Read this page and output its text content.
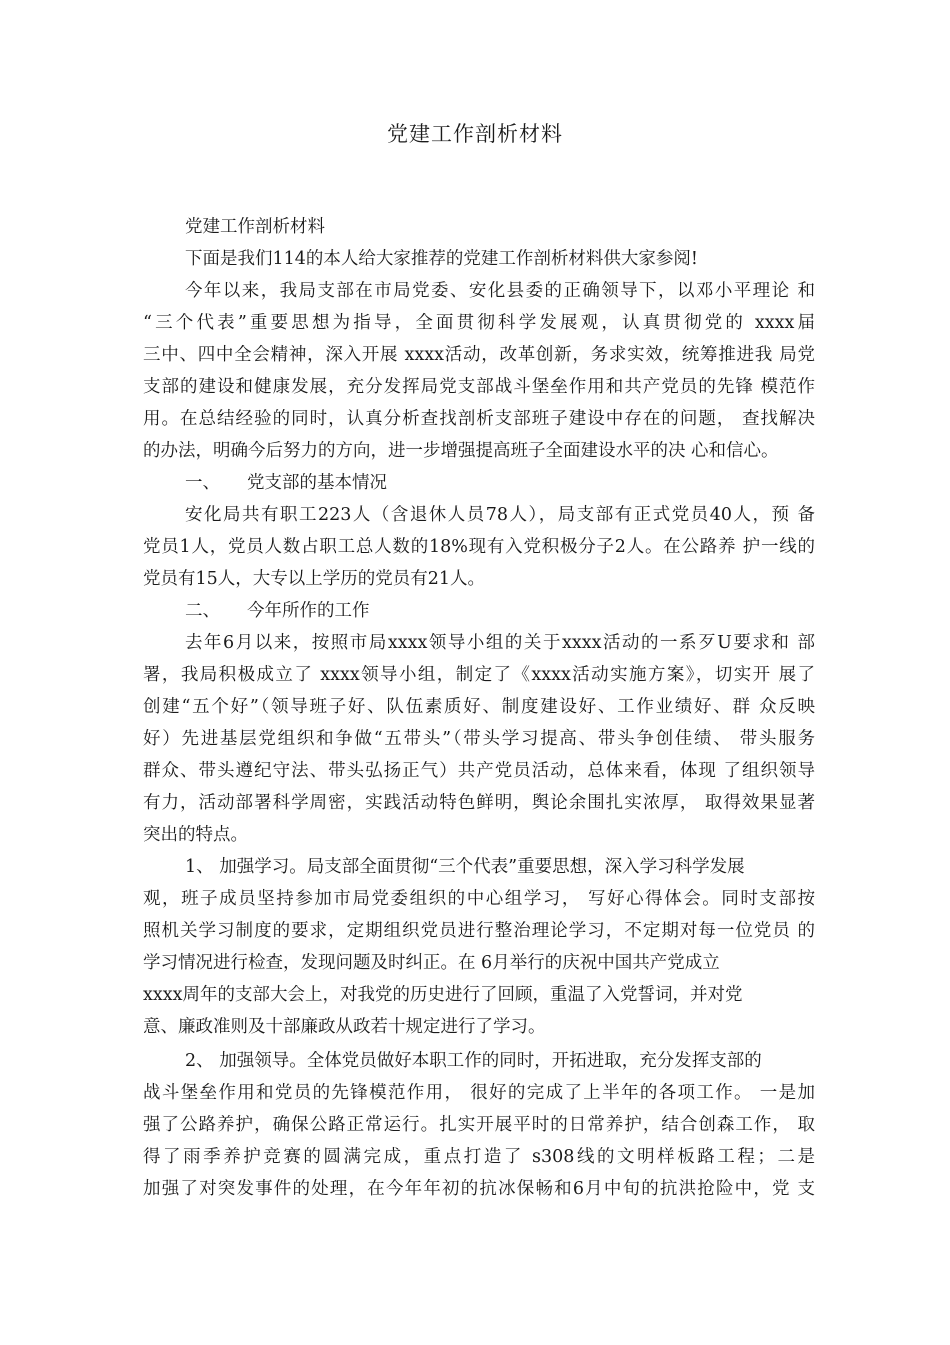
党建工作剖析材料
党建工作剖析材料
下面是我们114的本人给大家推荐的党建工作剖析材料供大家参阅!
今年以来，我局支部在市局党委、安化县委的正确领导下，以邓小平理论 和
“三个代表”重要思想为指导，全面贯彻科学发展观，认真贯彻党的 xxxx届
三中、四中全会精神，深入开展 xxxx活动，改革创新，务求实效，统筹推进我 局党
支部的建设和健康发展，充分发挥局党支部战斗堡垒作用和共产党员的先锋 模范作
用。在总结经验的同时，认真分析查找剖析支部班子建设中存在的问题， 查找解决
的办法，明确今后努力的方向，进一步增强提高班子全面建设水平的决 心和信心。
一、 党支部的基本情况
安化局共有职工223人（含退休人员78人），局支部有正式党员40人，预 备
党员1人，党员人数占职工总人数的18%现有入党积极分子2人。在公路养 护一线的
党员有15人，大专以上学历的党员有21人。
二、 今年所作的工作
去年6月以来，按照市局xxxx领导小组的关于xxxx活动的一系歹U要求和 部
署，我局积极成立了 xxxx领导小组，制定了《xxxx活动实施方案》，切实开 展了
创建“五个好”（领导班子好、队伍素质好、制度建设好、工作业绩好、群 众反映
好）先进基层党组织和争做“五带头”（带头学习提高、带头争创佳绩、 带头服务
群众、带头遵纪守法、带头弘扬正气）共产党员活动，总体来看，体现 了组织领导
有力，活动部署科学周密，实践活动特色鲜明，舆论余围扎实浓厚， 取得效果显著
突出的特点。
1、 加强学习。局支部全面贯彻“三个代表”重要思想，深入学习科学发展
观，班子成员坚持参加市局党委组织的中心组学习， 写好心得体会。同时支部按
照机关学习制度的要求，定期组织党员进行整治理论学习，不定期对每一位党员 的
学习情况进行检查，发现问题及时纠正。在 6月举行的庆祝中国共产党成立
xxxx周年的支部大会上，对我党的历史进行了回顾，重温了入党誓词，并对党
意、廉政准则及十部廉政从政若十规定进行了学习。
2、 加强领导。全体党员做好本职工作的同时，开拓进取，充分发挥支部的
战斗堡垒作用和党员的先锋模范作用， 很好的完成了上半年的各项工作。 一是加
强了公路养护，确保公路正常运行。扎实开展平时的日常养护，结合创森工作， 取
得了雨季养护竞赛的圆满完成，重点打造了 s308线的文明样板路工程；二是
加强了对突发事件的处理，在今年年初的抗冰保畅和6月中旬的抗洪抢险中，党 支
